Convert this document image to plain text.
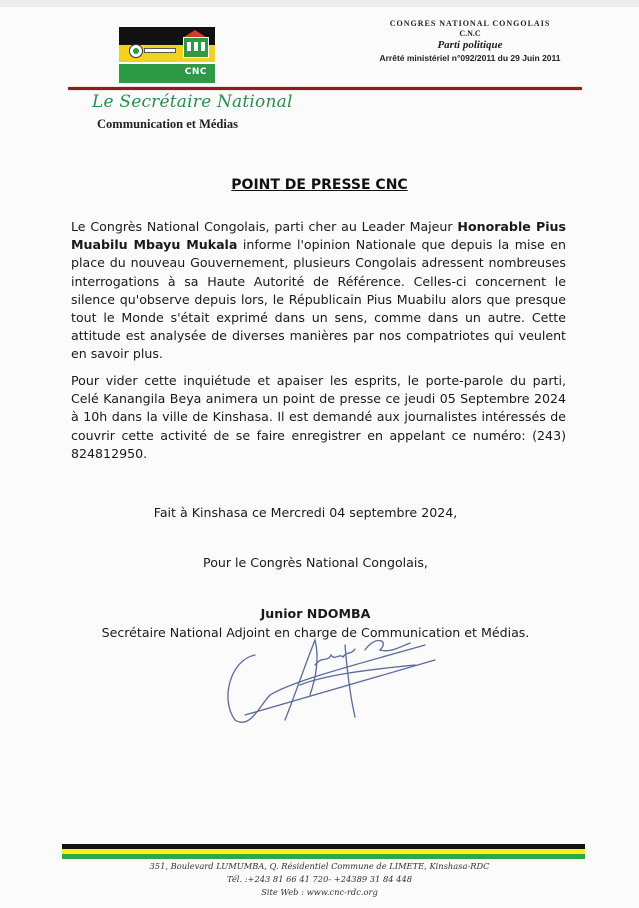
CNC
CONGRES NATIONAL CONGOLAIS
C.N.C
Parti politique
Arrêté ministériel n°092/2011 du 29 Juin 2011
Le Secrétaire National
Communication et Médias
POINT DE PRESSE CNC
Le Congrès National Congolais, parti cher au Leader Majeur Honorable Pius Muabilu Mbayu Mukala informe l'opinion Nationale que depuis la mise en place du nouveau Gouvernement, plusieurs Congolais adressent nombreuses interrogations à sa Haute Autorité de Référence. Celles-ci concernent le silence qu'observe depuis lors, le Républicain Pius Muabilu alors que presque tout le Monde s'était exprimé dans un sens, comme dans un autre. Cette attitude est analysée de diverses manières par nos compatriotes qui veulent en savoir plus.
Pour vider cette inquiétude et apaiser les esprits, le porte-parole du parti, Celé Kanangila Beya animera un point de presse ce jeudi 05 Septembre 2024 à 10h dans la ville de Kinshasa. Il est demandé aux journalistes intéressés de couvrir cette activité de se faire enregistrer en appelant ce numéro: (243) 824812950.
Fait à Kinshasa ce Mercredi 04 septembre 2024,
Pour le Congrès National Congolais,
Junior NDOMBA
Secrétaire National Adjoint en charge de Communication et Médias.
351, Boulevard LUMUMBA, Q. Résidentiel Commune de LIMETE, Kinshasa-RDC
Tél. :+243 81 66 41 720- +24389 31 84 448
Site Web : www.cnc-rdc.org
